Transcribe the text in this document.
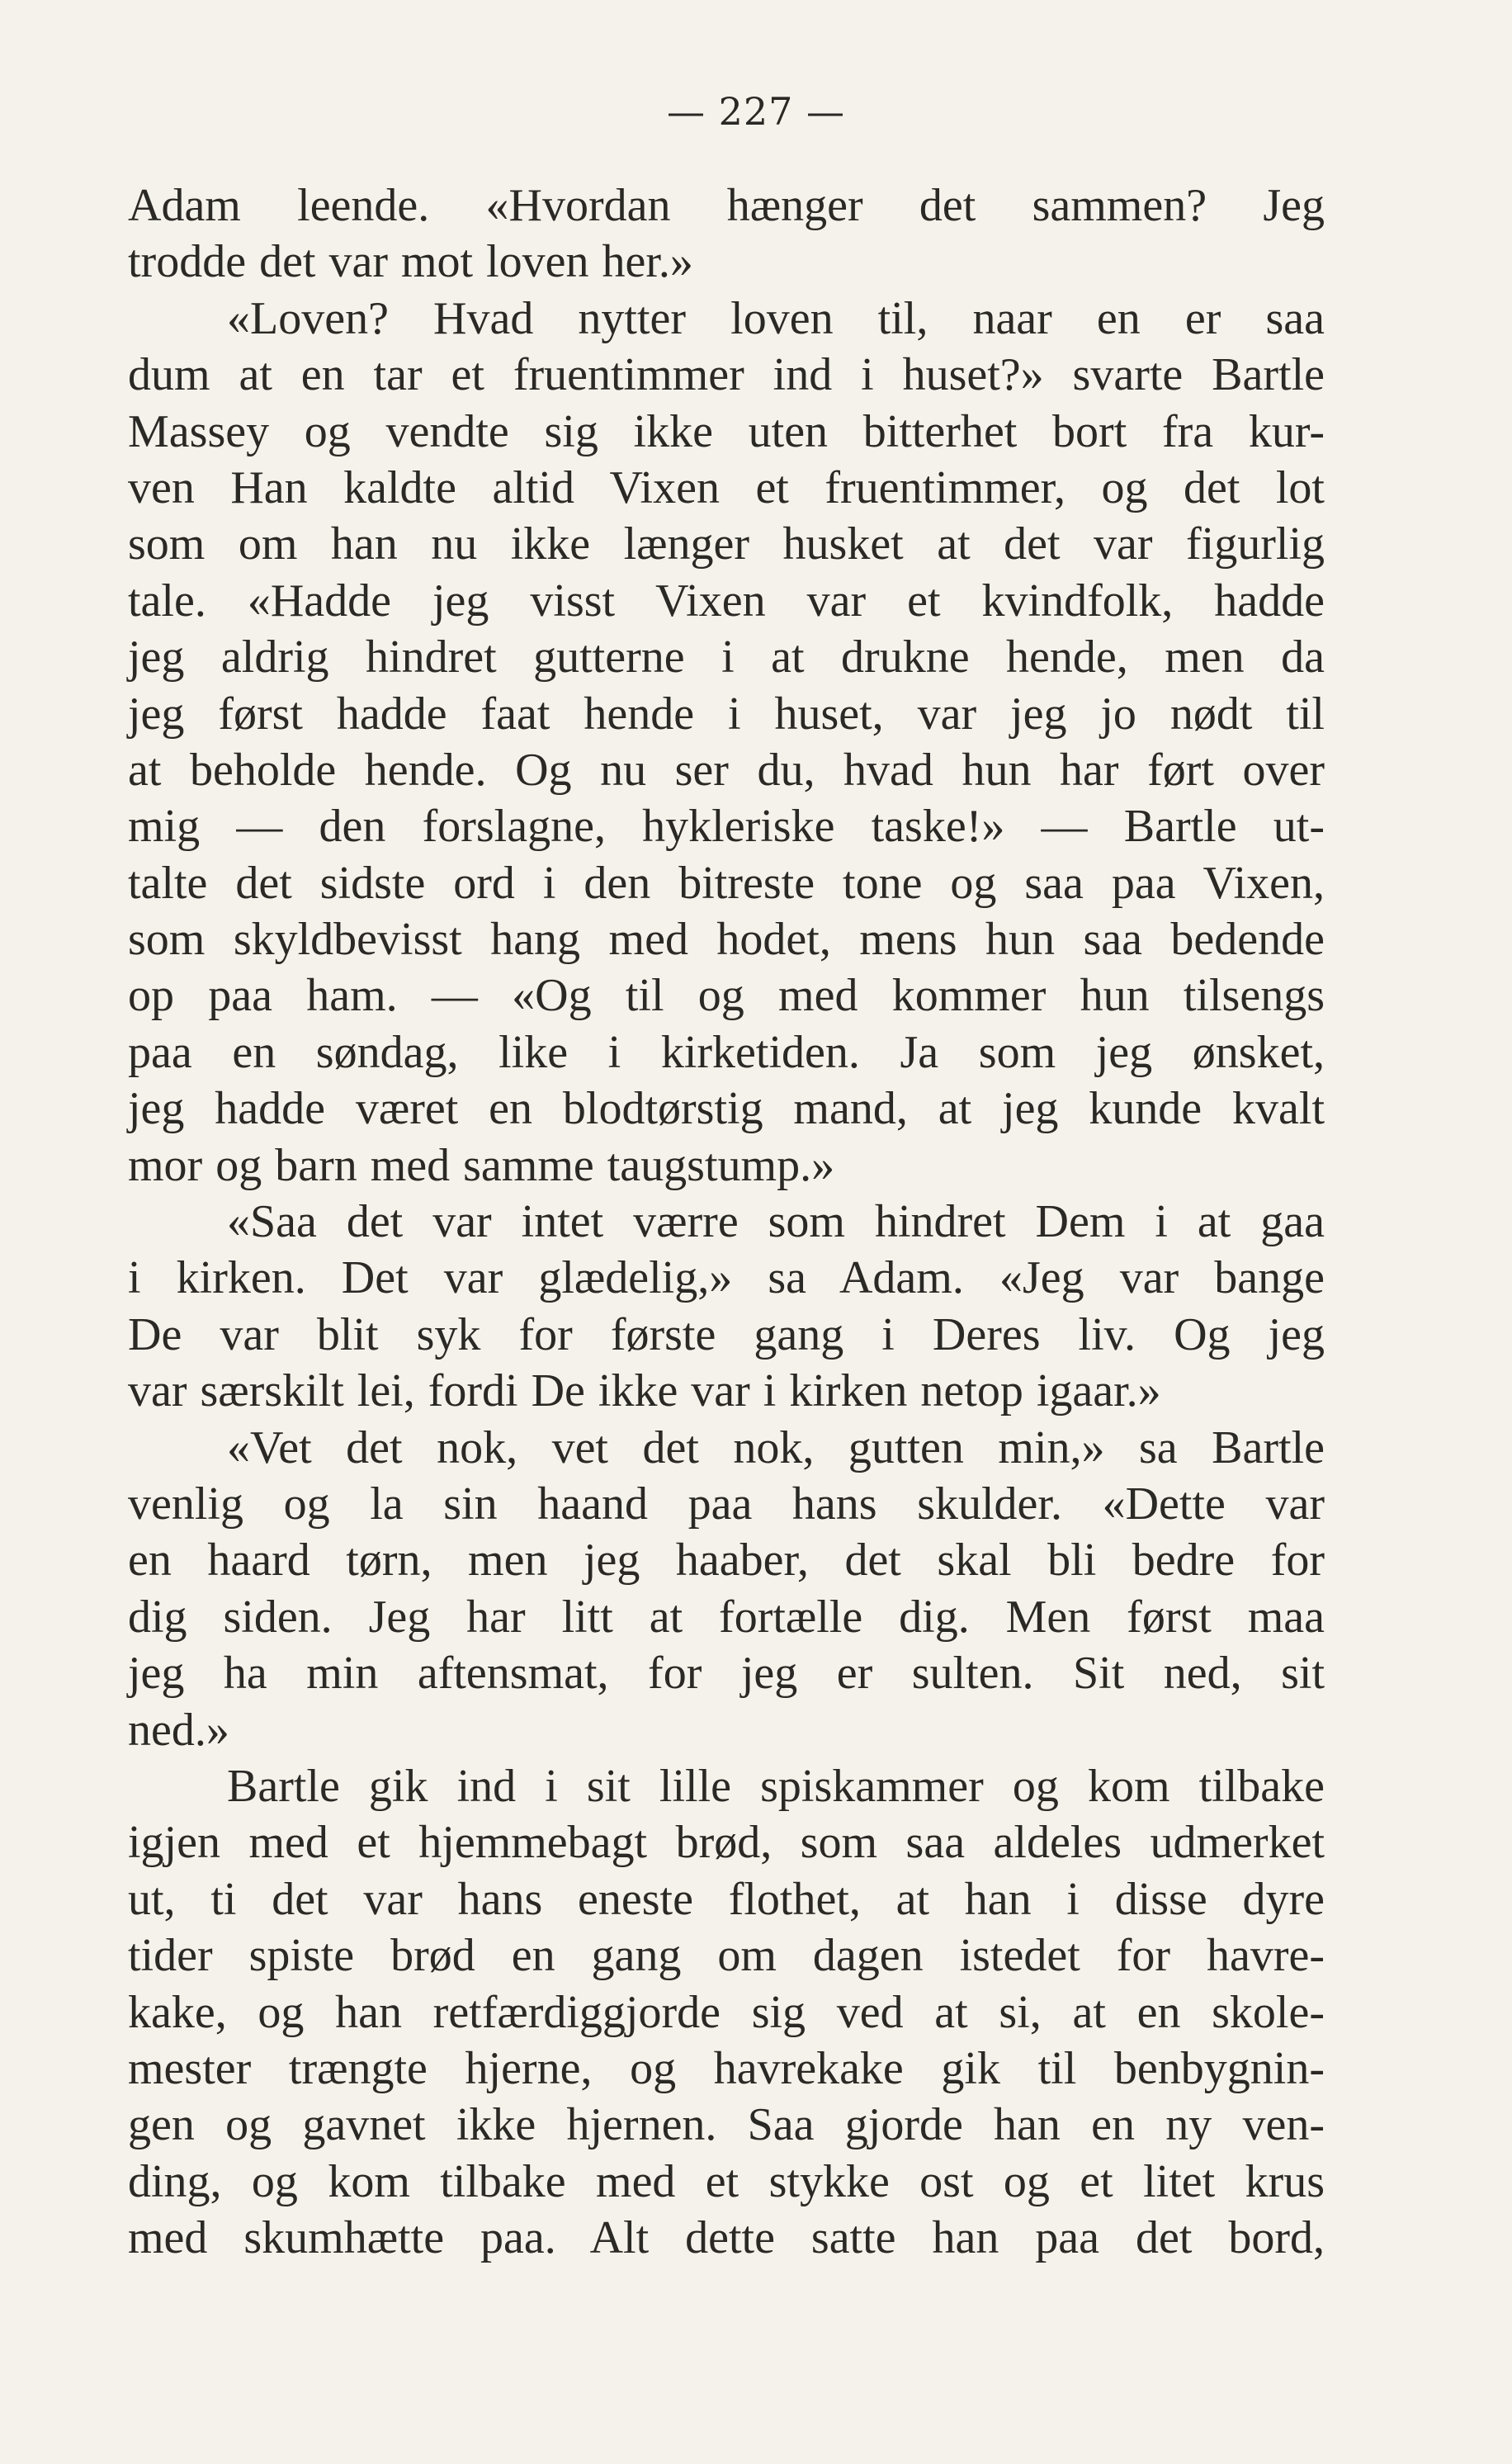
— 227 —
Adam leende. «Hvordan hænger det sammen? Jeg
trodde det var mot loven her.»
«Loven? Hvad nytter loven til, naar en er saa
dum at en tar et fruentimmer ind i huset?» svarte Bartle
Massey og vendte sig ikke uten bitterhet bort fra kur-
ven Han kaldte altid Vixen et fruentimmer, og det lot
som om han nu ikke længer husket at det var figurlig
tale. «Hadde jeg visst Vixen var et kvindfolk, hadde
jeg aldrig hindret gutterne i at drukne hende, men da
jeg først hadde faat hende i huset, var jeg jo nødt til
at beholde hende. Og nu ser du, hvad hun har ført over
mig — den forslagne, hykleriske taske!» — Bartle ut-
talte det sidste ord i den bitreste tone og saa paa Vixen,
som skyldbevisst hang med hodet, mens hun saa bedende
op paa ham. — «Og til og med kommer hun tilsengs
paa en søndag, like i kirketiden. Ja som jeg ønsket,
jeg hadde været en blodtørstig mand, at jeg kunde kvalt
mor og barn med samme taugstump.»
«Saa det var intet værre som hindret Dem i at gaa
i kirken. Det var glædelig,» sa Adam. «Jeg var bange
De var blit syk for første gang i Deres liv. Og jeg
var særskilt lei, fordi De ikke var i kirken netop igaar.»
«Vet det nok, vet det nok, gutten min,» sa Bartle
venlig og la sin haand paa hans skulder. «Dette var
en haard tørn, men jeg haaber, det skal bli bedre for
dig siden. Jeg har litt at fortælle dig. Men først maa
jeg ha min aftensmat, for jeg er sulten. Sit ned, sit
ned.»
Bartle gik ind i sit lille spiskammer og kom tilbake
igjen med et hjemmebagt brød, som saa aldeles udmerket
ut, ti det var hans eneste flothet, at han i disse dyre
tider spiste brød en gang om dagen istedet for havre-
kake, og han retfærdiggjorde sig ved at si, at en skole-
mester trængte hjerne, og havrekake gik til benbygnin-
gen og gavnet ikke hjernen. Saa gjorde han en ny ven-
ding, og kom tilbake med et stykke ost og et litet krus
med skumhætte paa. Alt dette satte han paa det bord,
